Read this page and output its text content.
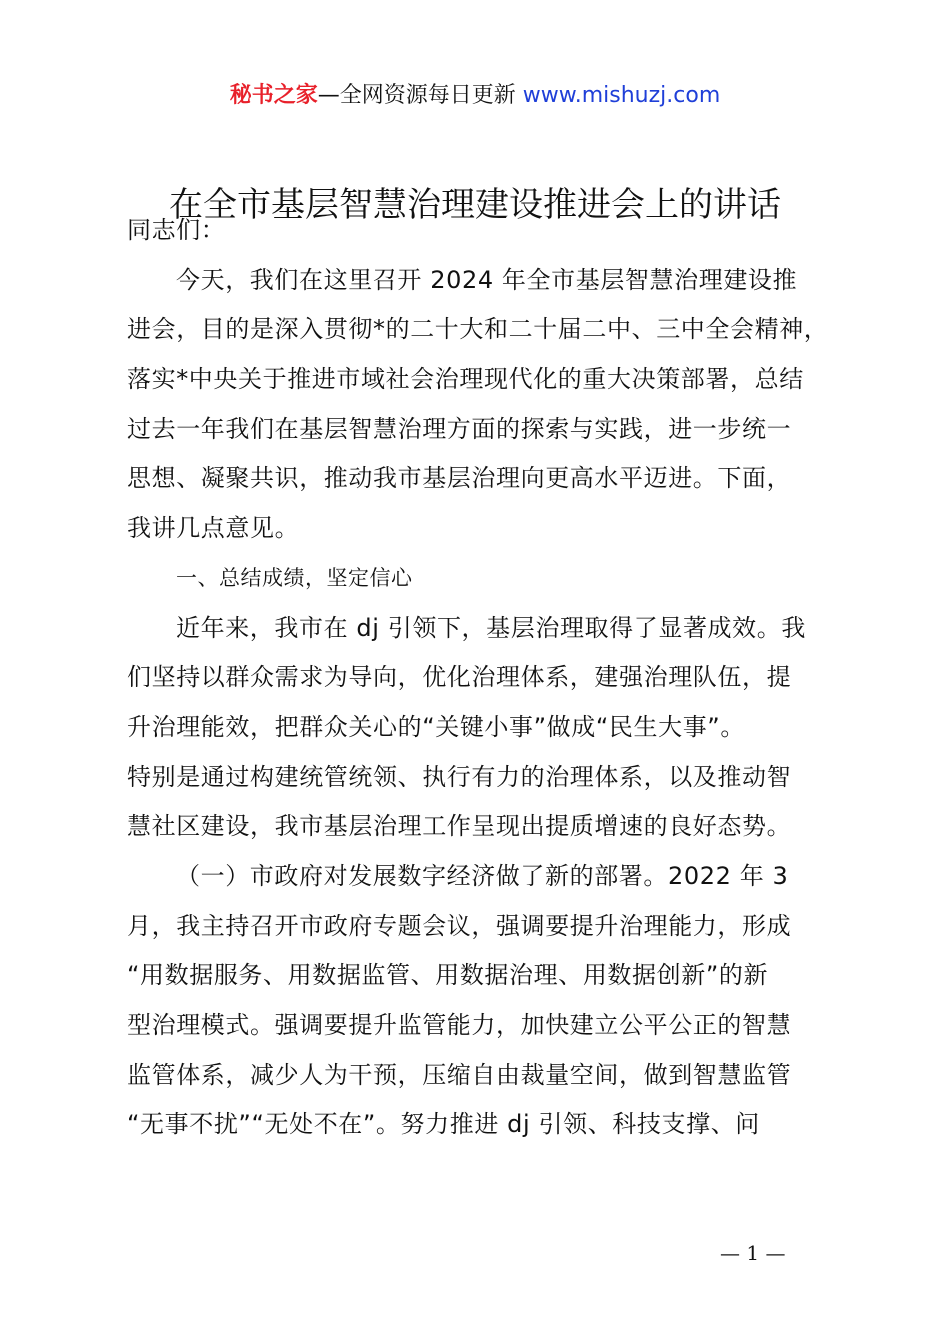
秘书之家—全网资源每日更新 www.mishuzj.com
在全市基层智慧治理建设推进会上的讲话
同志们：
今天，我们在这里召开 2024 年全市基层智慧治理建设推
进会，目的是深入贯彻*的二十大和二十届二中、三中全会精神，
落实*中央关于推进市域社会治理现代化的重大决策部署，总结
过去一年我们在基层智慧治理方面的探索与实践，进一步统一
思想、凝聚共识，推动我市基层治理向更高水平迈进。下面，
我讲几点意见。
一、总结成绩，坚定信心
近年来，我市在 dj 引领下，基层治理取得了显著成效。我
们坚持以群众需求为导向，优化治理体系，建强治理队伍，提
升治理能效，把群众关心的“关键小事”做成“民生大事”。
特别是通过构建统管统领、执行有力的治理体系，以及推动智
慧社区建设，我市基层治理工作呈现出提质增速的良好态势。
（一）市政府对发展数字经济做了新的部署。2022 年 3
月，我主持召开市政府专题会议，强调要提升治理能力，形成
“用数据服务、用数据监管、用数据治理、用数据创新”的新
型治理模式。强调要提升监管能力，加快建立公平公正的智慧
监管体系，减少人为干预，压缩自由裁量空间，做到智慧监管
“无事不扰”“无处不在”。努力推进 dj 引领、科技支撑、问
— 1 —
